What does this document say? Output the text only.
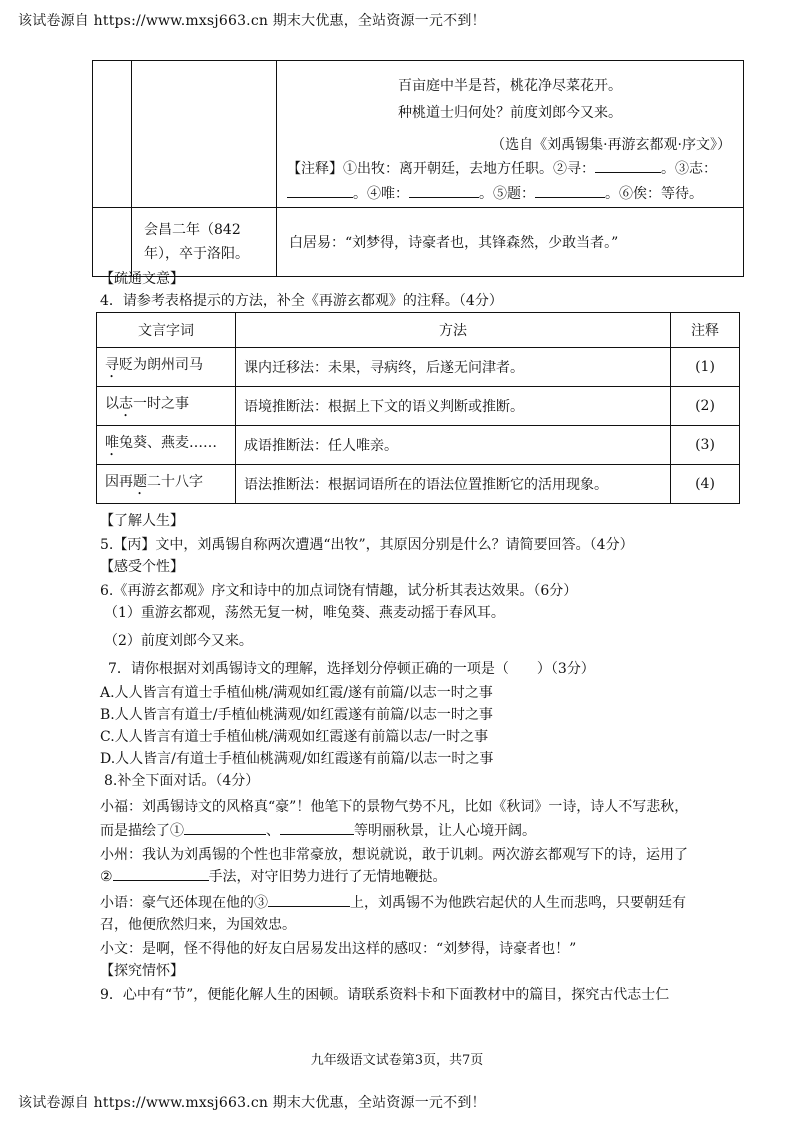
该试卷源自 https://www.mxsj663.cn 期末大优惠，全站资源一元不到！

		百亩庭中半是苔，桃花净尽菜花开。
种桃道士归何处？前度刘郎今又来。
（选自《刘禹锡集·再游玄都观·序文》）
【注释】①出牧：离开朝廷，去地方任职。②寻： 。③志：
。④唯： 。⑤题： 。⑥俟：等待。

	会昌二年（842
年），卒于洛阳。	白居易：“刘梦得，诗豪者也，其锋森然，少敢当者。”
【疏通文意】
4．请参考表格提示的方法，补全《再游玄都观》的注释。（4分）
文言字词	方法	注释
寻贬为朗州司马	课内迁移法：未果，寻病终，后遂无问津者。	(1)
以志一时之事	语境推断法：根据上下文的语义判断或推断。	(2)
唯兔葵、燕麦……	成语推断法：任人唯亲。	(3)
因再题二十八字	语法推断法：根据词语所在的语法位置推断它的活用现象。	(4)
【了解人生】
5.【丙】文中，刘禹锡自称两次遭遇“出牧”，其原因分别是什么？请简要回答。（4分）
【感受个性】
6.《再游玄都观》序文和诗中的加点词饶有情趣，试分析其表达效果。（6分）
（1）重游玄都观，荡然无复一树，唯兔葵、燕麦动摇于春风耳。
（2）前度刘郎今又来。
7．请你根据对刘禹锡诗文的理解，选择划分停顿正确的一项是（　　）（3分）
A.人人皆言有道士手植仙桃/满观如红霞/遂有前篇/以志一时之事
B.人人皆言有道士/手植仙桃满观/如红霞遂有前篇/以志一时之事
C.人人皆言有道士手植仙桃/满观如红霞遂有前篇以志/一时之事
D.人人皆言/有道士手植仙桃满观/如红霞遂有前篇/以志一时之事
8.补全下面对话。（4分）
小福：刘禹锡诗文的风格真“豪”！他笔下的景物气势不凡，比如《秋词》一诗，诗人不写悲秋，
而是描绘了①	、	等明丽秋景，让人心境开阔。
小州：我认为刘禹锡的个性也非常豪放，想说就说，敢于讥刺。两次游玄都观写下的诗，运用了
②	手法，对守旧势力进行了无情地鞭挞。
小语：豪气还体现在他的③	上，刘禹锡不为他跌宕起伏的人生而悲鸣，只要朝廷有
召，他便欣然归来，为国效忠。
小文：是啊，怪不得他的好友白居易发出这样的感叹：“刘梦得，诗豪者也！”
【探究情怀】
9．心中有“节”，便能化解人生的困顿。请联系资料卡和下面教材中的篇目，探究古代志士仁
九年级语文试卷第3页，共7页
该试卷源自 https://www.mxsj663.cn 期末大优惠，全站资源一元不到！
